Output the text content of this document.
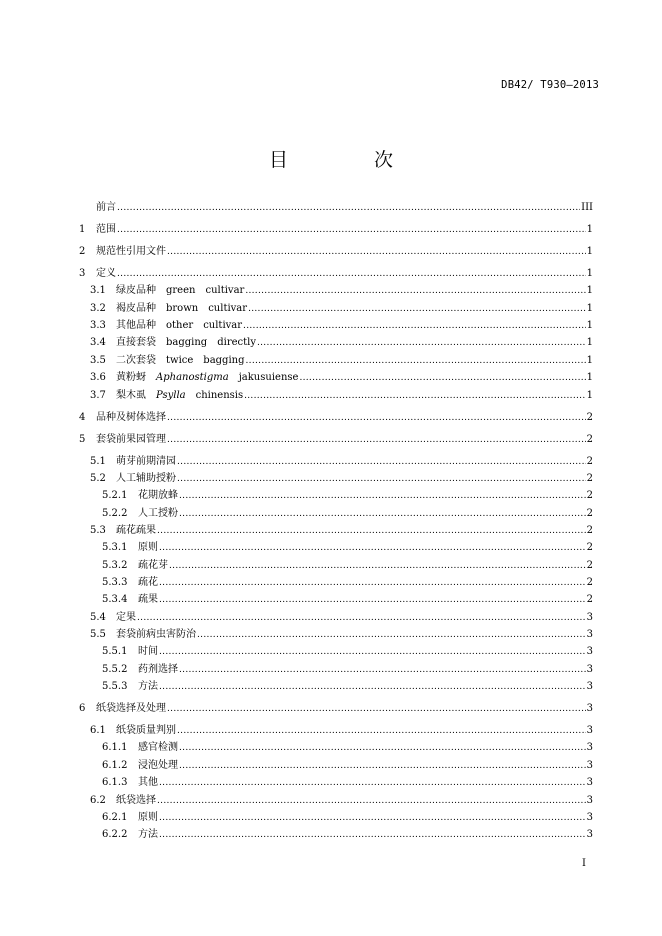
DB42/ T930—2013
目 次
前言 .....	III
1	范围 .....	1
2	规范性引用文件 .....	1
3	定义 .....	1
3.1	绿皮品种 green cultivar .....	1
3.2	褐皮品种 brown cultivar .....	1
3.3	其他品种 other cultivar .....	1
3.4	直接套袋 bagging directly .....	1
3.5	二次套袋 twice bagging .....	1
3.6	黄粉蚜 Aphanostigma jakusuiense .....	1
3.7	梨木虱 Psylla chinensis .....	1
4	品种及树体选择 .....	2
5	套袋前果园管理 .....	2
5.1	萌芽前期清园 .....	2
5.2	人工辅助授粉 .....	2
5.2.1	花期放蜂 .....	2
5.2.2	人工授粉 .....	2
5.3	疏花疏果 .....	2
5.3.1	原则 .....	2
5.3.2	疏花芽 .....	2
5.3.3	疏花 .....	2
5.3.4	疏果 .....	2
5.4	定果 .....	3
5.5	套袋前病虫害防治 .....	3
5.5.1	时间 .....	3
5.5.2	药剂选择 .....	3
5.5.3	方法 .....	3
6	纸袋选择及处理 .....	3
6.1	纸袋质量判别 .....	3
6.1.1	感官检测 .....	3
6.1.2	浸泡处理 .....	3
6.1.3	其他 .....	3
6.2	纸袋选择 .....	3
6.2.1	原则 .....	3
6.2.2	方法 .....	3
I
